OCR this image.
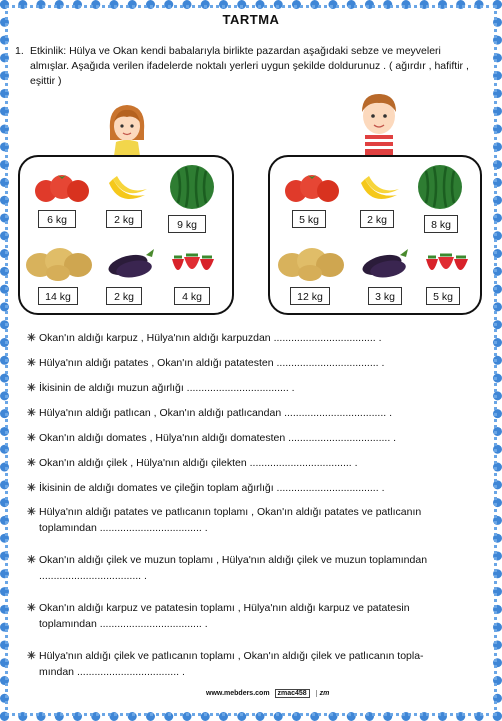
TARTMA
1. Etkinlik: Hülya ve Okan kendi babalarıyla birlikte pazardan aşağıdaki sebze ve meyveleri almışlar. Aşağıda verilen ifadelerde noktalı yerleri uygun şekilde doldurunuz . ( ağırdır , hafiftir , eşittir )
6 kg	2 kg	9 kg
14 kg	2 kg	4 kg
5 kg	2 kg	8 kg
12 kg	3 kg	5 kg
✳ Okan'ın aldığı karpuz , Hülya'nın aldığı karpuzdan ................................... .
✳ Hülya'nın aldığı patates , Okan'ın aldığı patatesten ................................... .
✳ İkisinin de aldığı muzun ağırlığı ................................... .
✳ Hülya'nın aldığı patlıcan , Okan'ın aldığı patlıcandan ................................... .
✳ Okan'ın aldığı domates , Hülya'nın aldığı domatesten ................................... .
✳ Okan'ın aldığı çilek , Hülya'nın aldığı çilekten ................................... .
✳ İkisinin de aldığı domates ve çileğin toplam ağırlığı ................................... .
✳ Hülya'nın aldığı patates ve patlıcanın toplamı , Okan'ın aldığı patates ve patlıcanın
toplamından ................................... .
✳ Okan'ın aldığı çilek ve muzun toplamı , Hülya'nın aldığı çilek ve muzun toplamından
................................... .
✳ Okan'ın aldığı karpuz ve patatesin toplamı , Hülya'nın aldığı karpuz ve patatesin
toplamından ................................... .
✳ Hülya'nın aldığı çilek ve patlıcanın toplamı , Okan'ın aldığı çilek ve patlıcanın topla-
mından ................................... .
www.mebders.com zmac458 zm
